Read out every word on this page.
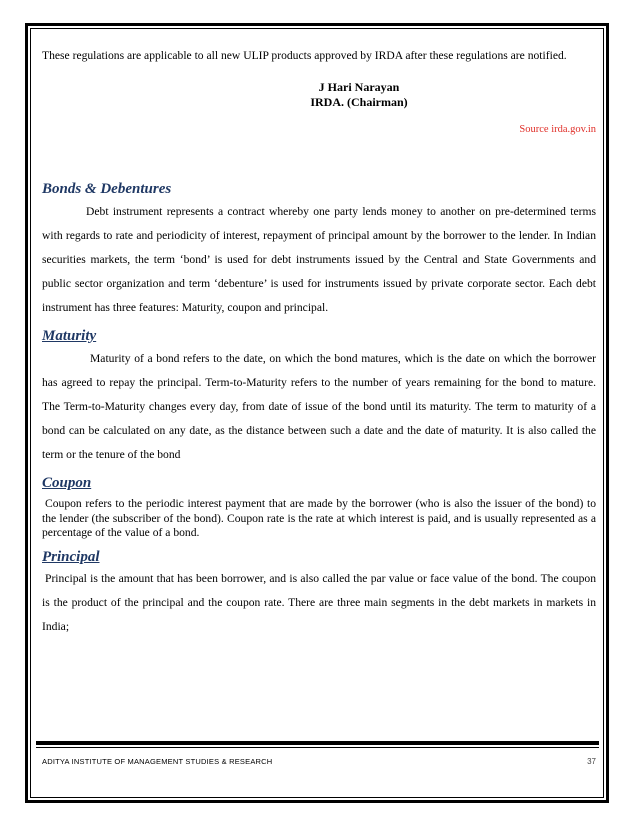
These regulations are applicable to all new ULIP products approved by IRDA after these regulations are notified.

J Hari Narayan
IRDA. (Chairman)
Source irda.gov.in
Bonds & Debentures

Debt instrument represents a contract whereby one party lends money to another on pre-determined terms with regards to rate and periodicity of interest, repayment of principal amount by the borrower to the lender. In Indian securities markets, the term ‘bond’ is used for debt instruments issued by the Central and State Governments and public sector organization and term ‘debenture’ is used for instruments issued by private corporate sector. Each debt instrument has three features: Maturity, coupon and principal.

Maturity

Maturity of a bond refers to the date, on which the bond matures, which is the date on which the borrower has agreed to repay the principal. Term-to-Maturity refers to the number of years remaining for the bond to mature. The Term-to-Maturity changes every day, from date of issue of the bond until its maturity. The term to maturity of a bond can be calculated on any date, as the distance between such a date and the date of maturity. It is also called the term or the tenure of the bond

Coupon

Coupon refers to the periodic interest payment that are made by the borrower (who is also the issuer of the bond) to the lender (the subscriber of the bond). Coupon rate is the rate at which interest is paid, and is usually represented as a percentage of the value of a bond.

Principal

Principal is the amount that has been borrower, and is also called the par value or face value of the bond. The coupon is the product of the principal and the coupon rate. There are three main segments in the debt markets in markets in India;

ADITYA INSTITUTE OF MANAGEMENT STUDIES & RESEARCH	37
